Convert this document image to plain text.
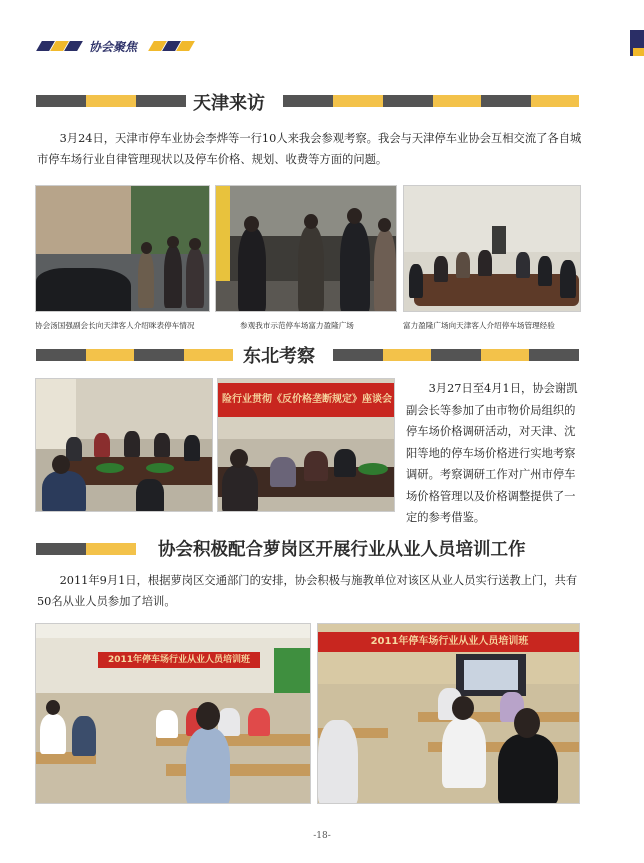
协会聚焦
天津来访

3月24日，天津市停车业协会李烨等一行10人来我会参观考察。我会与天津停车业协会互相交流了各自城市停车场行业自律管理现状以及停车价格、规划、收费等方面的问题。

协会汤国强副会长向天津客人介绍咪表停车情况	参观我市示范停车场富力盈隆广场	富力盈隆广场向天津客人介绍停车场管理经验
东北考察
险行业贯彻《反价格垄断规定》座谈会

3月27日至4月1日，协会谢凯副会长等参加了由市物价局组织的停车场价格调研活动，对天津、沈阳等地的停车场价格进行实地考察调研。考察调研工作对广州市停车场价格管理以及价格调整提供了一定的参考借鉴。

协会积极配合萝岗区开展行业从业人员培训工作

2011年9月1日，根据萝岗区交通部门的安排，协会积极与施教单位对该区从业人员实行送教上门，共有50名从业人员参加了培训。

2011年停车场行业从业人员培训班
2011年停车场行业从业人员培训班
-18-
